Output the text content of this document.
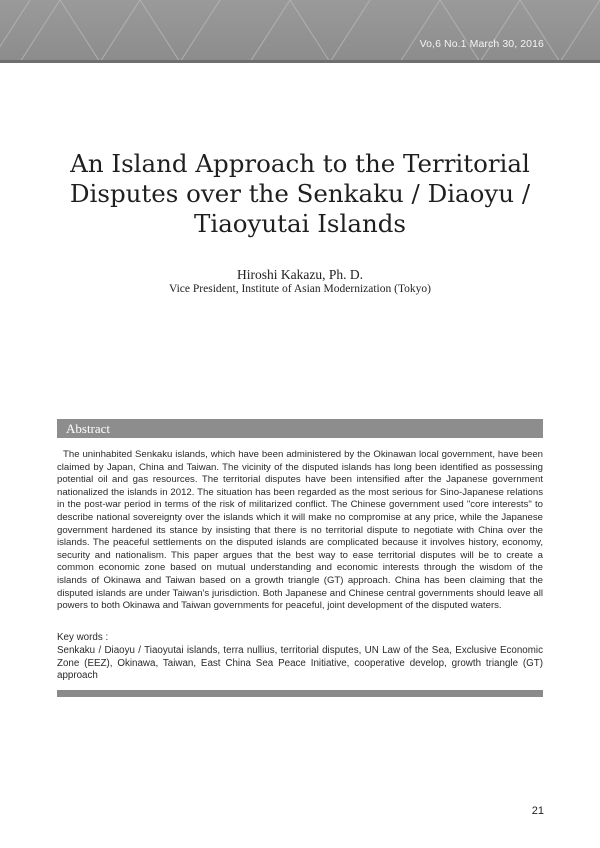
Vo,6 No.1 March 30, 2016
An Island Approach to the Territorial
Disputes over the Senkaku / Diaoyu /
Tiaoyutai Islands
Hiroshi Kakazu, Ph. D.
Vice President, Institute of Asian Modernization (Tokyo)
Abstract
The uninhabited Senkaku islands, which have been administered by the Okinawan local government, have been claimed by Japan, China and Taiwan. The vicinity of the disputed islands has long been identified as possessing potential oil and gas resources. The territorial disputes have been intensified after the Japanese government nationalized the islands in 2012. The situation has been regarded as the most serious for Sino-Japanese relations in the post-war period in terms of the risk of militarized conflict. The Chinese government used "core interests" to describe national sovereignty over the islands which it will make no compromise at any price, while the Japanese government hardened its stance by insisting that there is no territorial dispute to negotiate with China over the islands. The peaceful settlements on the disputed islands are complicated because it involves history, economy, security and nationalism. This paper argues that the best way to ease territorial disputes will be to create a common economic zone based on mutual understanding and economic interests through the wisdom of the islands of Okinawa and Taiwan based on a growth triangle (GT) approach. China has been claiming that the disputed islands are under Taiwan's jurisdiction. Both Japanese and Chinese central governments should leave all powers to both Okinawa and Taiwan governments for peaceful, joint development of the disputed waters.
Key words :
Senkaku / Diaoyu / Tiaoyutai islands, terra nullius, territorial disputes, UN Law of the Sea, Exclusive Economic Zone (EEZ), Okinawa, Taiwan, East China Sea Peace Initiative, cooperative develop, growth triangle (GT) approach
21
